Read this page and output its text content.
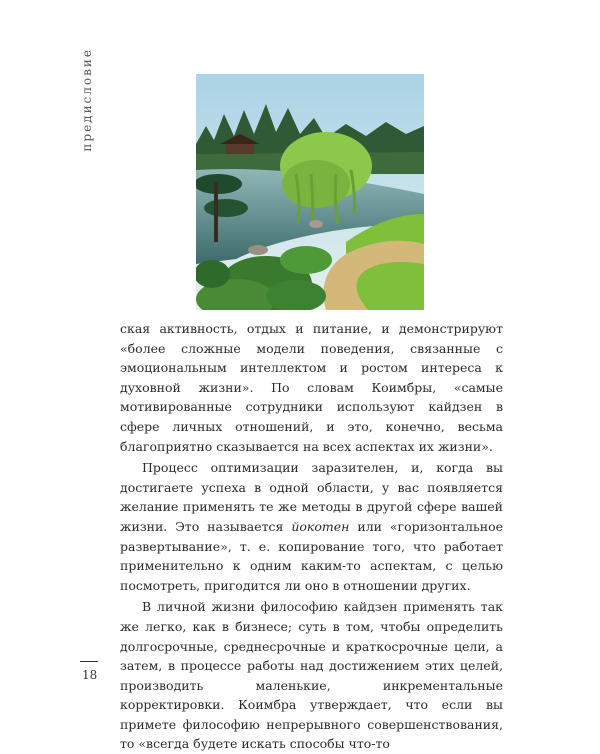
предисловие

ская активность, отдых и питание, и демонстрируют «более сложные модели поведения, связанные с эмоциональным интеллектом и ростом интереса к духовной жизни». По словам Коимбры, «самые мотивированные сотрудники используют кайдзен в сфере личных отношений, и это, конечно, весьма благоприятно сказывается на всех аспектах их жизни».

Процесс оптимизации заразителен, и, когда вы достигаете успеха в одной области, у вас появляется желание применять те же методы в другой сфере вашей жизни. Это называется йокотен или «горизонтальное развертывание», т. е. копирование того, что работает применительно к одним каким-то аспектам, с целью посмотреть, пригодится ли оно в отношении других.

В личной жизни философию кайдзен применять так же легко, как в бизнесе; суть в том, чтобы определить долгосрочные, среднесрочные и краткосрочные цели, а затем, в процессе работы над достижением этих целей, производить маленькие, инкрементальные корректировки. Коимбра утверждает, что если вы примете философию непрерывного совершенствования, то «всегда будете искать способы что-то

18
